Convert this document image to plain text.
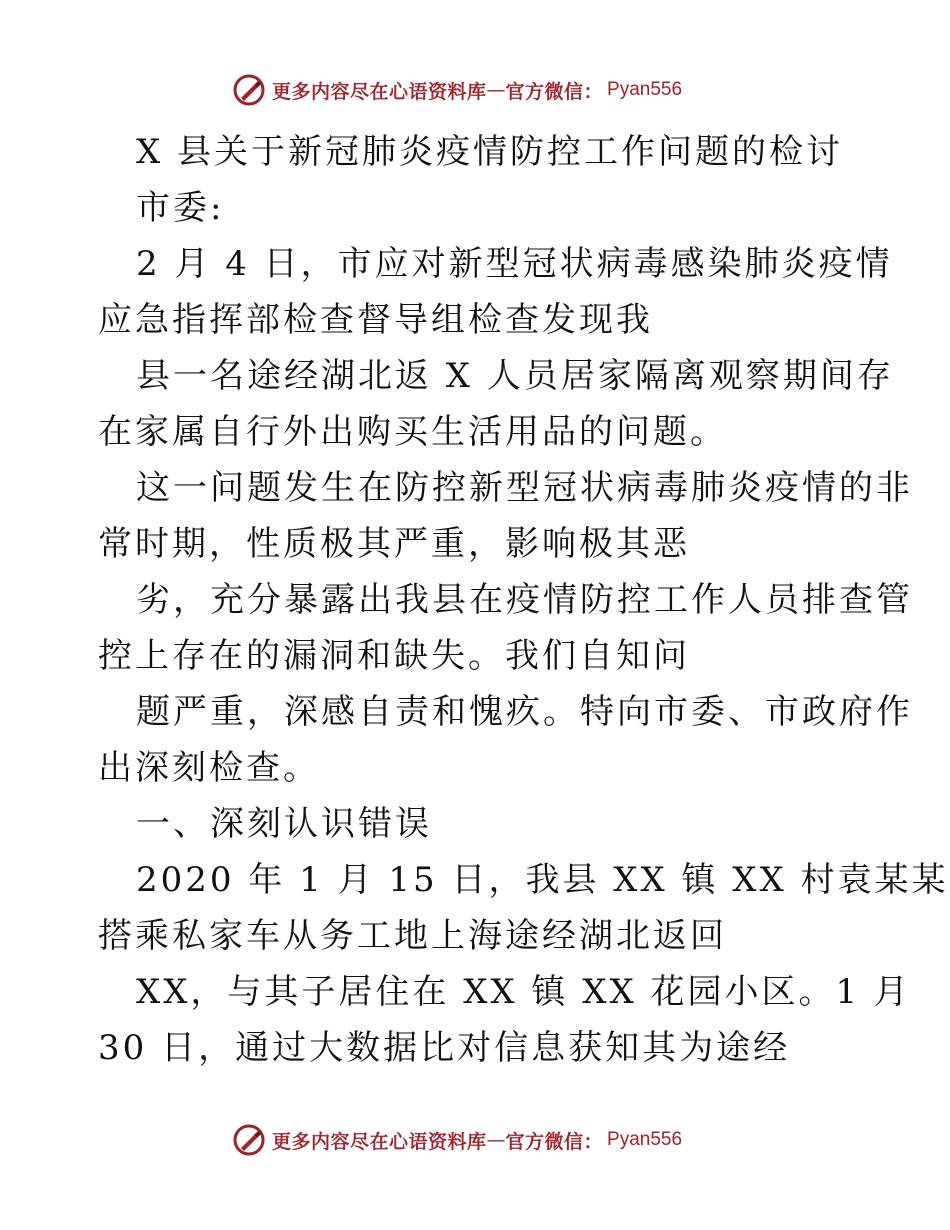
更多内容尽在心语资料库 — 官方微信： Pyan556
X 县关于新冠肺炎疫情防控工作问题的检讨
市委:
2 月 4 日，市应对新型冠状病毒感染肺炎疫情
应急指挥部检查督导组检查发现我
县一名途经湖北返 X 人员居家隔离观察期间存
在家属自行外出购买生活用品的问题。
这一问题发生在防控新型冠状病毒肺炎疫情的非
常时期，性质极其严重，影响极其恶
劣，充分暴露出我县在疫情防控工作人员排查管
控上存在的漏洞和缺失。我们自知问
题严重，深感自责和愧疚。特向市委、市政府作
出深刻检查。
一、深刻认识错误
2020 年 1 月 15 日，我县 XX 镇 XX 村袁某某
搭乘私家车从务工地上海途经湖北返回
XX，与其子居住在 XX 镇 XX 花园小区。1 月
30 日，通过大数据比对信息获知其为途经
更多内容尽在心语资料库 — 官方微信： Pyan556
